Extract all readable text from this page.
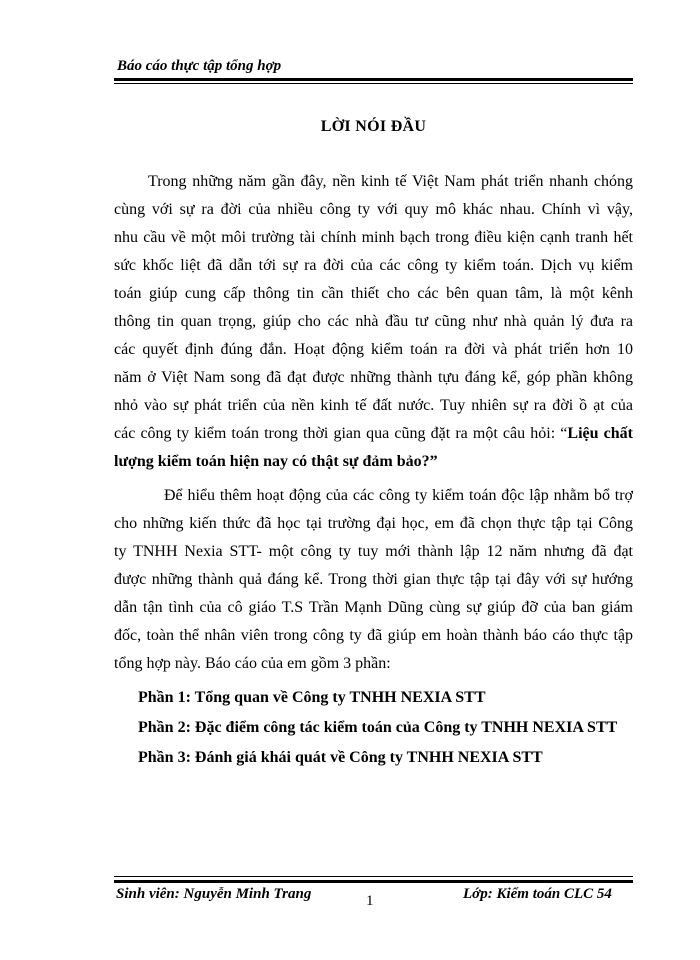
Báo cáo thực tập tổng hợp
LỜI NÓI ĐẦU
Trong những năm gần đây, nền kinh tế Việt Nam phát triển nhanh chóng
cùng với sự ra đời của nhiều công ty với quy mô khác nhau. Chính vì vậy,
nhu cầu về một môi trường tài chính minh bạch trong điều kiện cạnh tranh hết
sức khốc liệt đã dẫn tới sự ra đời của các công ty kiểm toán. Dịch vụ kiểm
toán giúp cung cấp thông tin cần thiết cho các bên quan tâm, là một kênh
thông tin quan trọng, giúp cho các nhà đầu tư cũng như nhà quản lý đưa ra
các quyết định đúng đắn. Hoạt động kiểm toán ra đời và phát triển hơn 10
năm ở Việt Nam song đã đạt được những thành tựu đáng kể, góp phần không
nhỏ vào sự phát triển của nền kinh tế đất nước. Tuy nhiên sự ra đời ồ ạt của
các công ty kiểm toán trong thời gian qua cũng đặt ra một câu hỏi: “Liệu chất
lượng kiểm toán hiện nay có thật sự đảm bảo?”
Để hiểu thêm hoạt động của các công ty kiểm toán độc lập nhằm bổ trợ
cho những kiến thức đã học tại trường đại học, em đã chọn thực tập tại Công
ty TNHH Nexia STT- một công ty tuy mới thành lập 12 năm nhưng đã đạt
được những thành quả đáng kể. Trong thời gian thực tập tại đây với sự hướng
dẫn tận tình của cô giáo T.S Trần Mạnh Dũng cùng sự giúp đỡ của ban giám
đốc, toàn thể nhân viên trong công ty đã giúp em hoàn thành báo cáo thực tập
tổng hợp này. Báo cáo của em gồm 3 phần:
Phần 1: Tổng quan về Công ty TNHH NEXIA STT
Phần 2: Đặc điểm công tác kiểm toán của Công ty TNHH NEXIA STT
Phần 3: Đánh giá khái quát về Công ty TNHH NEXIA STT
Sinh viên: Nguyễn Minh Trang	1	Lớp: Kiểm toán CLC 54
